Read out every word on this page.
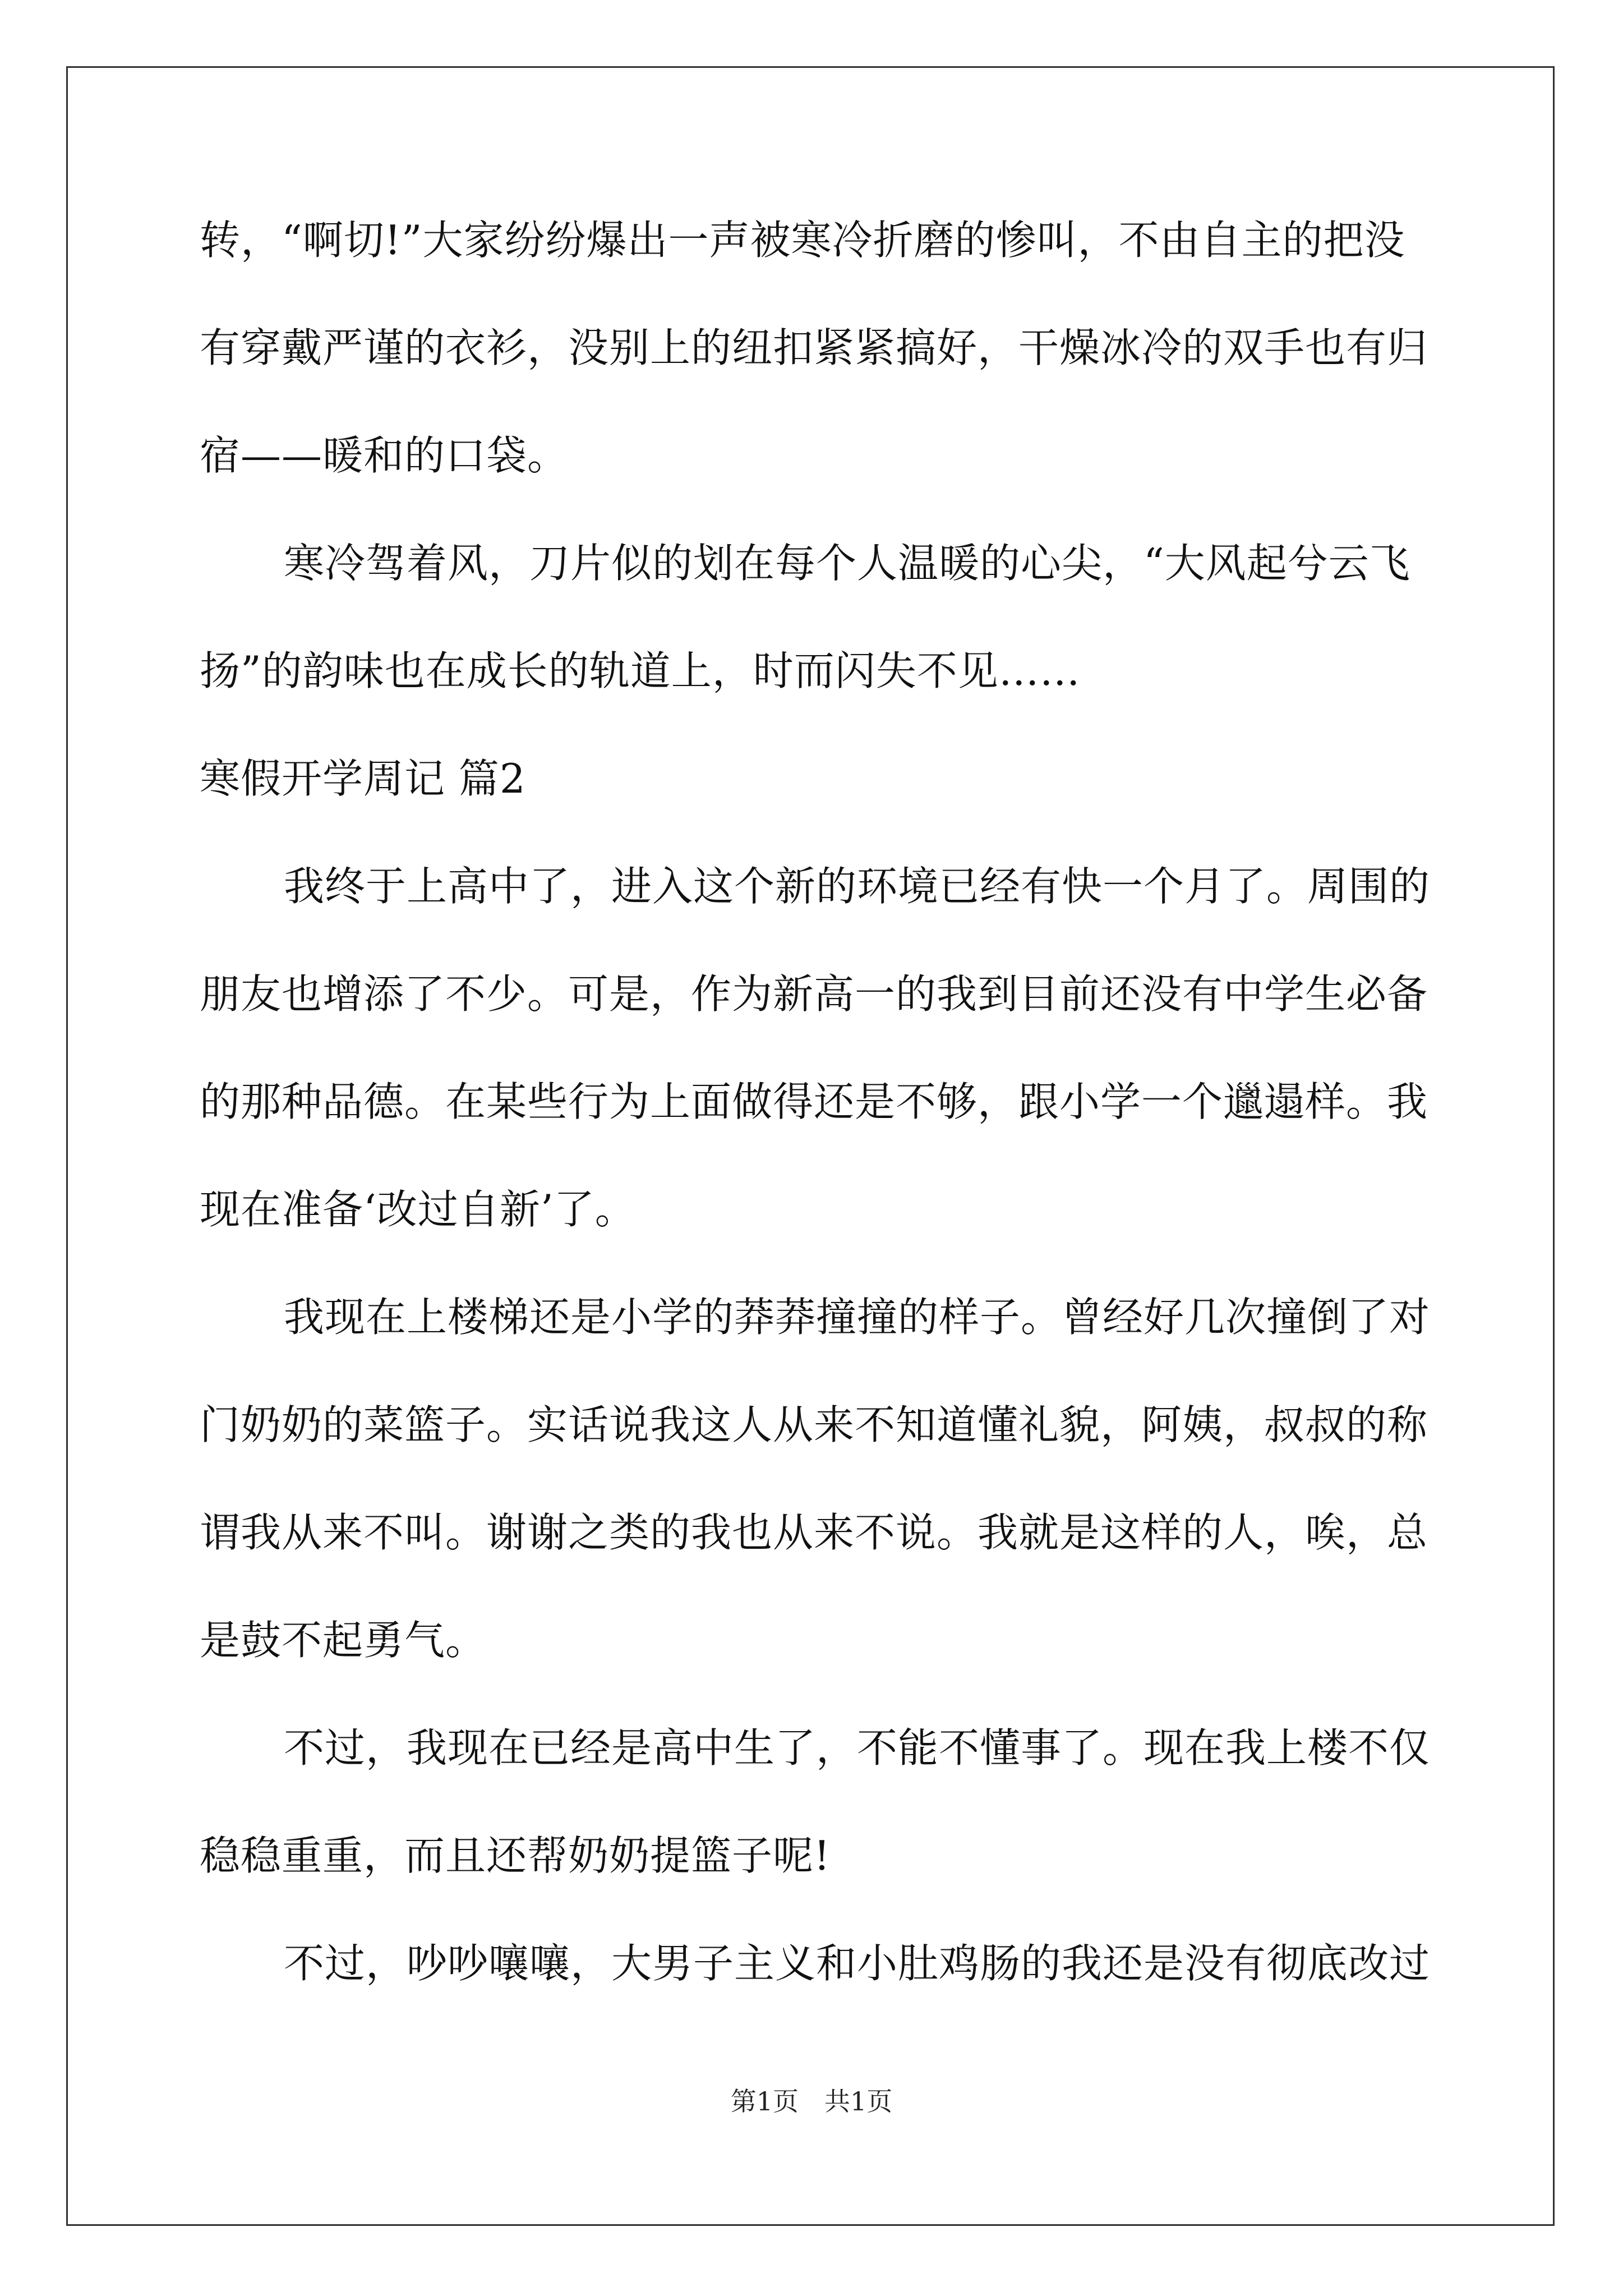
转，“啊切!”大家纷纷爆出一声被寒冷折磨的惨叫，不由自主的把没
有穿戴严谨的衣衫，没别上的纽扣紧紧搞好，干燥冰冷的双手也有归
宿——暖和的口袋。
寒冷驾着风，刀片似的划在每个人温暖的心尖，“大风起兮云飞
扬”的韵味也在成长的轨道上，时而闪失不见……
寒假开学周记 篇2
我终于上高中了，进入这个新的环境已经有快一个月了。周围的
朋友也增添了不少。可是，作为新高一的我到目前还没有中学生必备
的那种品德。在某些行为上面做得还是不够，跟小学一个邋遢样。我
现在准备‘改过自新’了。
我现在上楼梯还是小学的莽莽撞撞的样子。曾经好几次撞倒了对
门奶奶的菜篮子。实话说我这人从来不知道懂礼貌，阿姨，叔叔的称
谓我从来不叫。谢谢之类的我也从来不说。我就是这样的人，唉，总
是鼓不起勇气。
不过，我现在已经是高中生了，不能不懂事了。现在我上楼不仅
稳稳重重，而且还帮奶奶提篮子呢!
不过，吵吵嚷嚷，大男子主义和小肚鸡肠的我还是没有彻底改过
第1页　共1页
